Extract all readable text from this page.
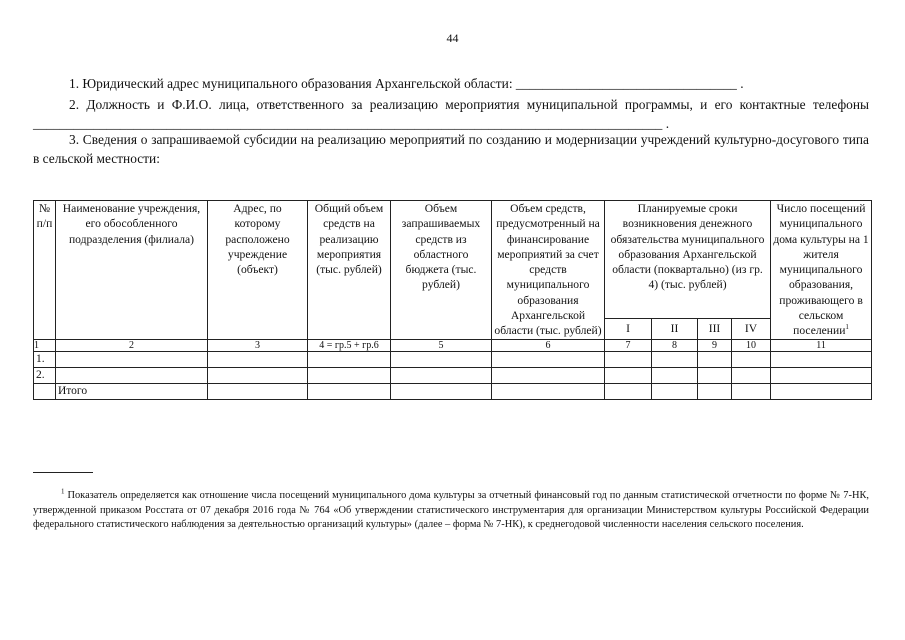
44
1. Юридический адрес муниципального образования Архангельской области: _________________________________ .
2. Должность и Ф.И.О. лица, ответственного за реализацию мероприятия муниципальной программы, и его контактные телефоны ______________________________________________________________________________________________ .
3. Сведения о запрашиваемой субсидии на реализацию мероприятий по созданию и модернизации учреждений культурно-досугового типа в сельской местности:
№ п/п	Наименование учреждения, его обособленного подразделения (филиала)	Адрес, по которому расположено учреждение (объект)	Общий объем средств на реализацию мероприятия (тыс. рублей)	Объем запрашиваемых средств из областного бюджета (тыс. рублей)	Объем средств, предусмотренный на финансирование мероприятий за счет средств муниципального образования Архангельской области (тыс. рублей)	Планируемые сроки возникновения денежного обязательства муниципального образования Архангельской области (поквартально) (из гр. 4) (тыс. рублей)				Число посещений муниципального дома культуры на 1 жителя муниципального образования, проживающего в сельском поселении$^1$
						I	II	III	IV	
1	2	3	4 = гр.5 + гр.6	5	6	7	8	9	10	11
1.										
2.										
	Итого									
$^1$ Показатель определяется как отношение числа посещений муниципального дома культуры за отчетный финансовый год по данным статистической отчетности по форме № 7-НК, утвержденной приказом Росстата от 07 декабря 2016 года № 764 «Об утверждении статистического инструментария для организации Министерством культуры Российской Федерации федерального статистического наблюдения за деятельностью организаций культуры» (далее – форма № 7-НК), к среднегодовой численности населения сельского поселения.
